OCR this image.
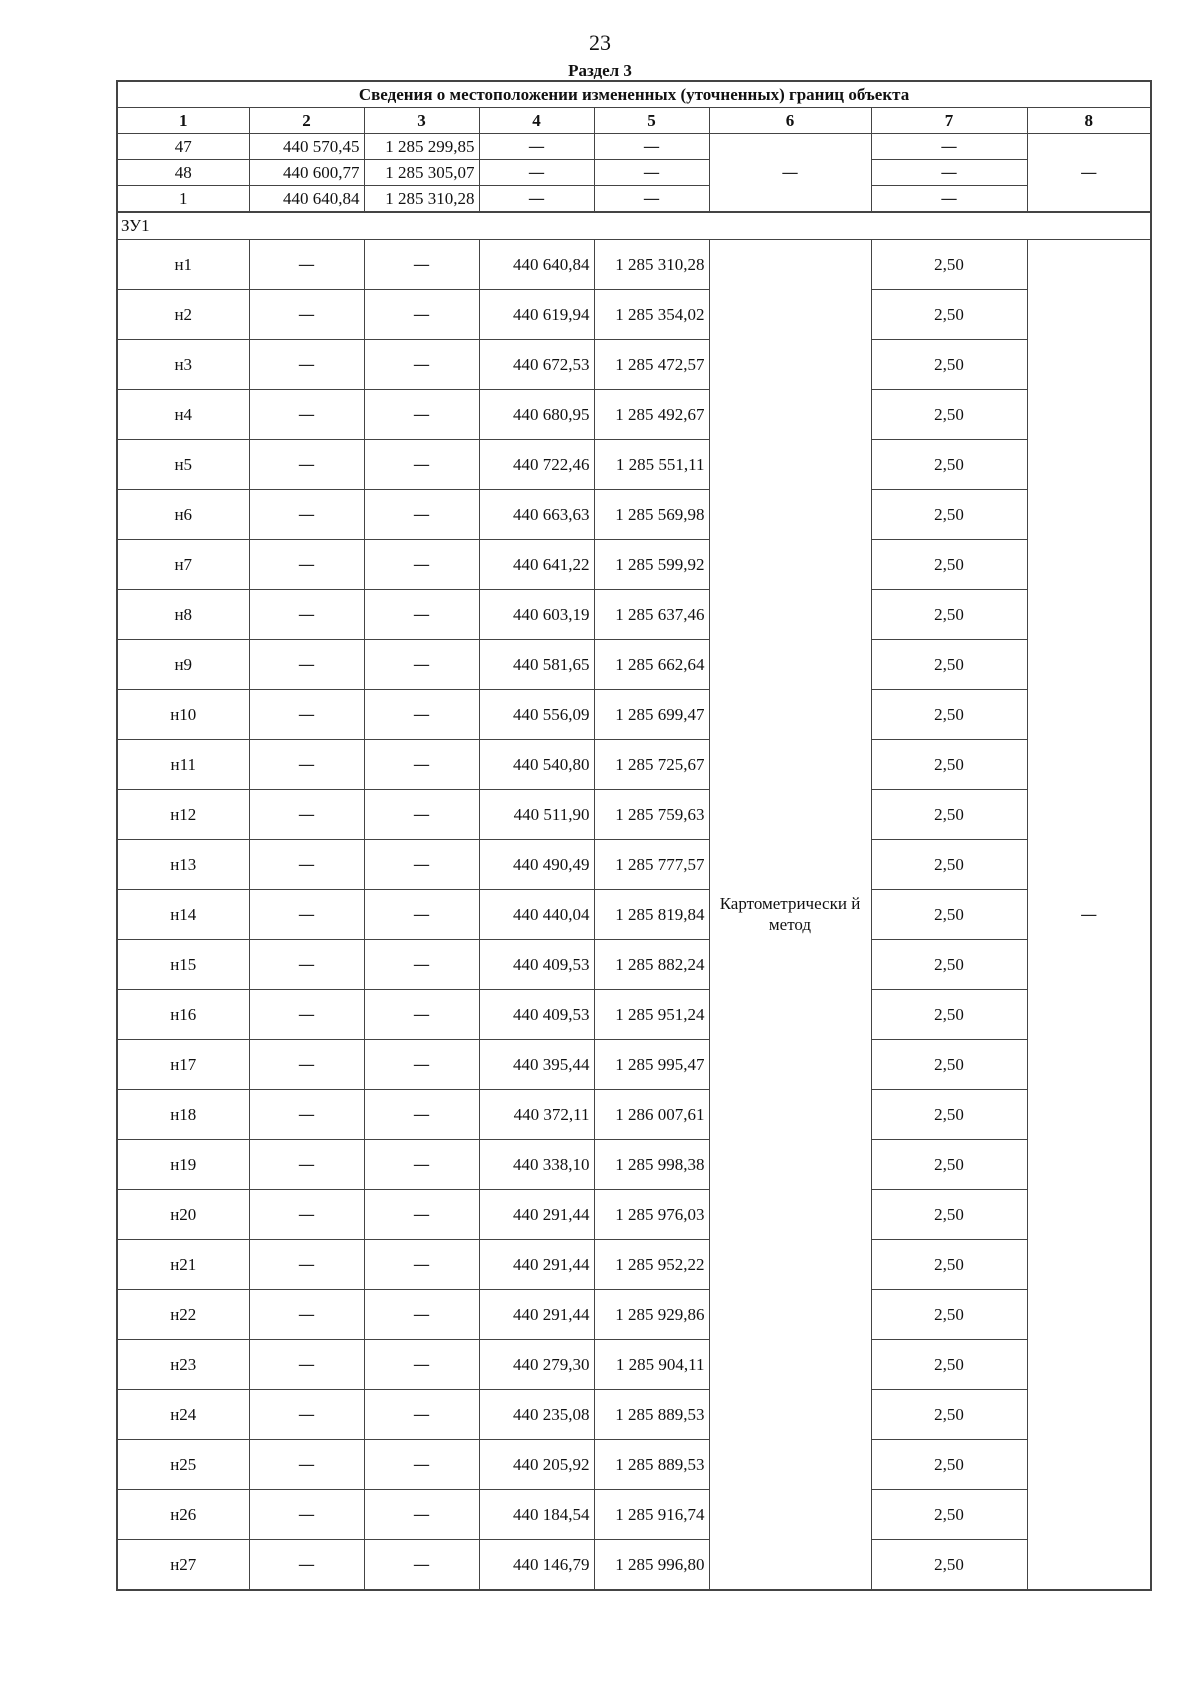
23
Раздел 3
Сведения о местоположении измененных (уточненных) границ объекта							
1	2	3	4	5	6	7	8
47	440 570,45	1 285 299,85	—	—	—	—	—
48	440 600,77	1 285 305,07	—	—		—	
1	440 640,84	1 285 310,28	—	—		—	
ЗУ1							
н1	—	—	440 640,84	1 285 310,28	Картометрически й метод	2,50	—
н2	—	—	440 619,94	1 285 354,02		2,50	
н3	—	—	440 672,53	1 285 472,57		2,50	
н4	—	—	440 680,95	1 285 492,67		2,50	
н5	—	—	440 722,46	1 285 551,11		2,50	
н6	—	—	440 663,63	1 285 569,98		2,50	
н7	—	—	440 641,22	1 285 599,92		2,50	
н8	—	—	440 603,19	1 285 637,46		2,50	
н9	—	—	440 581,65	1 285 662,64		2,50	
н10	—	—	440 556,09	1 285 699,47		2,50	
н11	—	—	440 540,80	1 285 725,67		2,50	
н12	—	—	440 511,90	1 285 759,63		2,50	
н13	—	—	440 490,49	1 285 777,57		2,50	
н14	—	—	440 440,04	1 285 819,84		2,50	
н15	—	—	440 409,53	1 285 882,24		2,50	
н16	—	—	440 409,53	1 285 951,24		2,50	
н17	—	—	440 395,44	1 285 995,47		2,50	
н18	—	—	440 372,11	1 286 007,61		2,50	
н19	—	—	440 338,10	1 285 998,38		2,50	
н20	—	—	440 291,44	1 285 976,03		2,50	
н21	—	—	440 291,44	1 285 952,22		2,50	
н22	—	—	440 291,44	1 285 929,86		2,50	
н23	—	—	440 279,30	1 285 904,11		2,50	
н24	—	—	440 235,08	1 285 889,53		2,50	
н25	—	—	440 205,92	1 285 889,53		2,50	
н26	—	—	440 184,54	1 285 916,74		2,50	
н27	—	—	440 146,79	1 285 996,80		2,50	
